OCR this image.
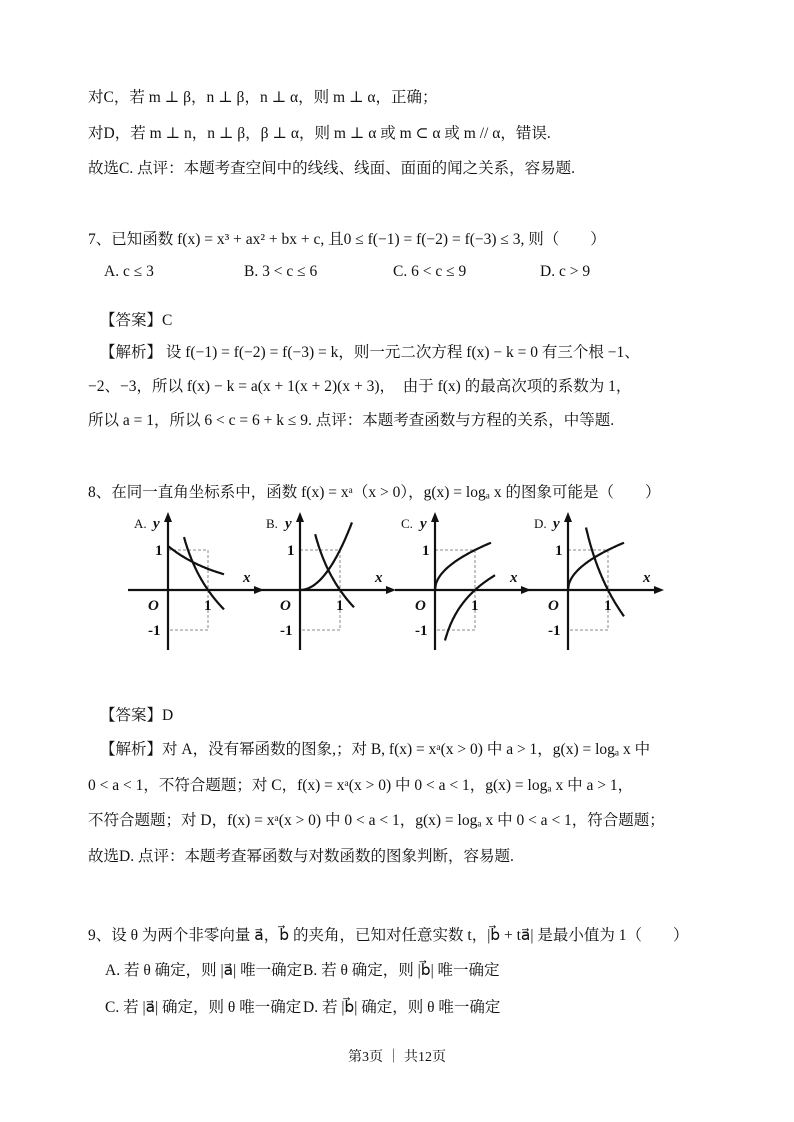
对C，若 m ⊥ β，n ⊥ β，n ⊥ α，则 m ⊥ α，正确；
对D，若 m ⊥ n，n ⊥ β，β ⊥ α，则 m ⊥ α 或 m ⊂ α 或 m // α，错误.
故选C. 点评：本题考查空间中的线线、线面、面面的闻之关系，容易题.
7、已知函数 f(x) = x³ + ax² + bx + c, 且0 ≤ f(−1) = f(−2) = f(−3) ≤ 3, 则（　　）
A. c ≤ 3	B. 3 < c ≤ 6	C. 6 < c ≤ 9	D. c > 9
【答案】C
【解析】 设 f(−1) = f(−2) = f(−3) = k，则一元二次方程 f(x) − k = 0 有三个根 −1、
−2、−3，所以 f(x) − k = a(x + 1(x + 2)(x + 3)，　由于 f(x) 的最高次项的系数为 1，
所以 a = 1，所以 6 < c = 6 + k ≤ 9. 点评：本题考查函数与方程的关系，中等题.
8、在同一直角坐标系中，函数 f(x) = xᵃ（x > 0），g(x) = logₐ x 的图象可能是（　　）
A. y
x
O	1
1
-1
B. y
x
O	1
1
-1
C. y
x
O	1
1
-1
D. y
x
O	1
1
-1
【答案】D
【解析】对 A，没有幂函数的图象,；对 B, f(x) = xᵃ(x > 0) 中 a > 1，g(x) = logₐ x 中
0 < a < 1，不符合题题；对 C，f(x) = xᵃ(x > 0) 中 0 < a < 1，g(x) = logₐ x 中 a > 1，
不符合题题；对 D，f(x) = xᵃ(x > 0) 中 0 < a < 1，g(x) = logₐ x 中 0 < a < 1，符合题题；
故选D. 点评：本题考查幂函数与对数函数的图象判断，容易题.
9、设 θ 为两个非零向量 a⃗，b⃗ 的夹角，已知对任意实数 t，|b⃗ + ta⃗| 是最小值为 1（　　）
A. 若 θ 确定，则 |a⃗| 唯一确定 B. 若 θ 确定，则 |b⃗| 唯一确定
C. 若 |a⃗| 确定，则 θ 唯一确定 D. 若 |b⃗| 确定，则 θ 唯一确定
第3页 ｜ 共12页
